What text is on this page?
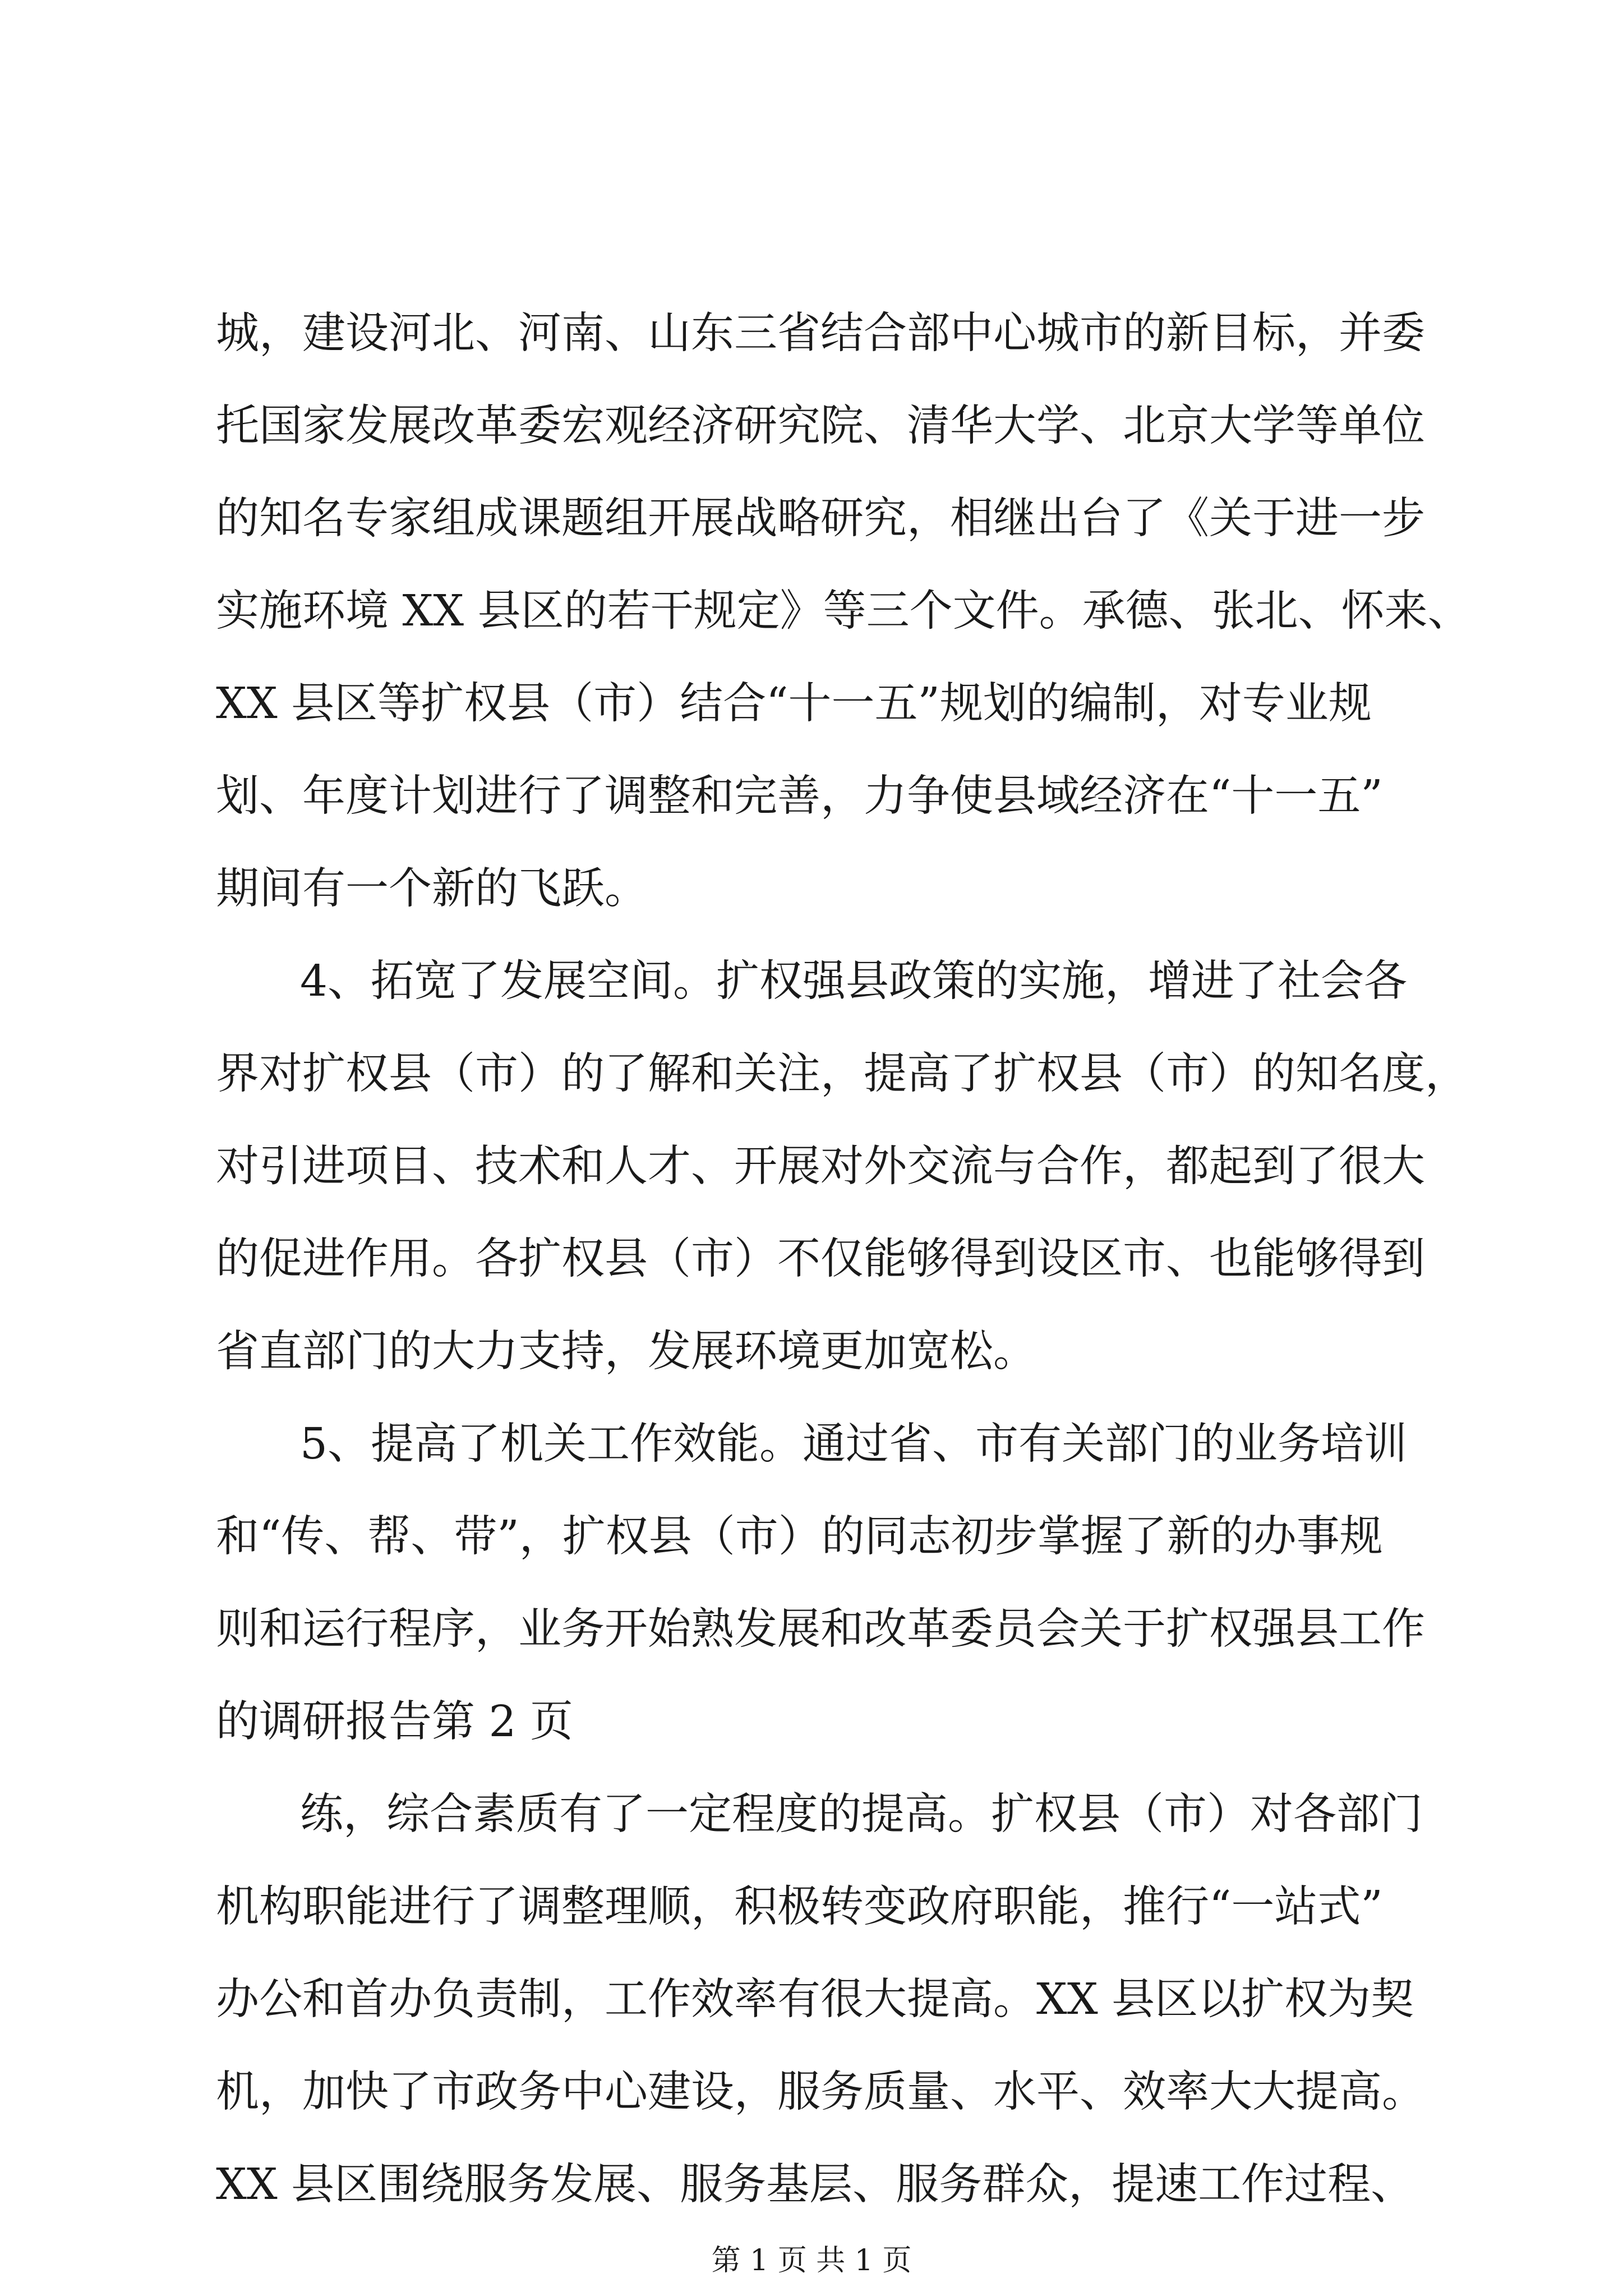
城，建设河北、河南、山东三省结合部中心城市的新目标，并委
托国家发展改革委宏观经济研究院、清华大学、北京大学等单位
的知名专家组成课题组开展战略研究，相继出台了《关于进一步
实施环境 XX 县区的若干规定》等三个文件。承德、张北、怀来、
XX 县区等扩权县（市）结合“十一五”规划的编制，对专业规
划、年度计划进行了调整和完善，力争使县域经济在“十一五”
期间有一个新的飞跃。
4、拓宽了发展空间。扩权强县政策的实施，增进了社会各
界对扩权县（市）的了解和关注，提高了扩权县（市）的知名度，
对引进项目、技术和人才、开展对外交流与合作，都起到了很大
的促进作用。各扩权县（市）不仅能够得到设区市、也能够得到
省直部门的大力支持，发展环境更加宽松。
5、提高了机关工作效能。通过省、市有关部门的业务培训
和“传、帮、带”，扩权县（市）的同志初步掌握了新的办事规
则和运行程序，业务开始熟发展和改革委员会关于扩权强县工作
的调研报告第 2 页
练，综合素质有了一定程度的提高。扩权县（市）对各部门
机构职能进行了调整理顺，积极转变政府职能，推行“一站式”
办公和首办负责制，工作效率有很大提高。XX 县区以扩权为契
机，加快了市政务中心建设，服务质量、水平、效率大大提高。
XX 县区围绕服务发展、服务基层、服务群众，提速工作过程、
第 1 页 共 1 页
